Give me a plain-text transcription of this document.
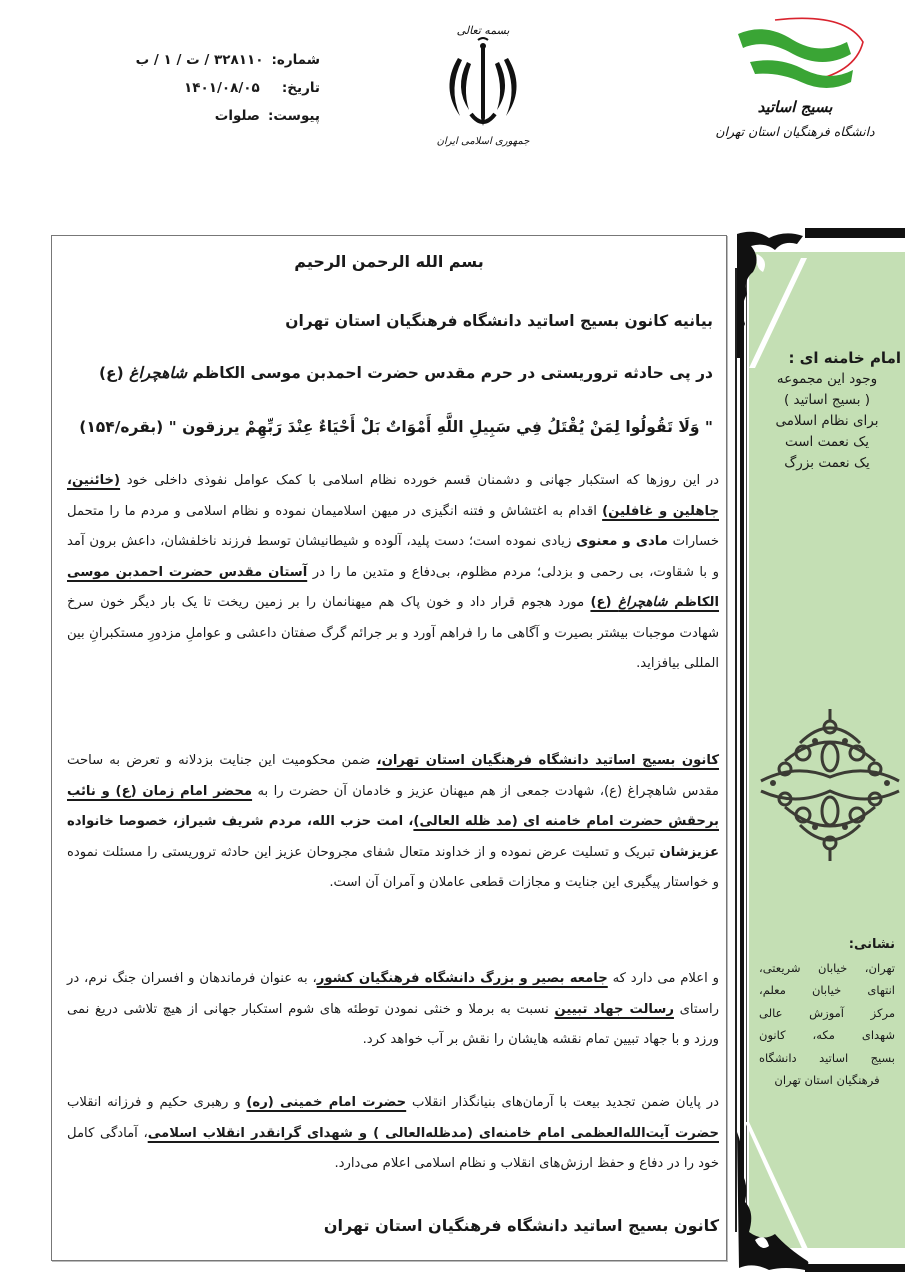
شماره:۳۲۸۱۱۰ / ت / ۱ / ب
تاریخ:   ۱۴۰۱/۰۸/۰۵
پیوست:صلوات
بسمه تعالی
جمهوری اسلامی ایران
بسیج اساتید
دانشگاه فرهنگیان استان تهران
بسم الله الرحمن الرحیم
بیانیه کانون بسیج اساتید دانشگاه فرهنگیان استان تهران
در پی حادثه تروریستی در حرم مقدس حضرت احمدبن موسی الکاظم شاهچراغ (ع)
" وَلَا تَقُولُوا لِمَنْ يُقْتَلُ فِي سَبِيلِ اللَّهِ أَمْوَاتٌ بَلْ أَحْيَاءٌ عِنْدَ رَبِّهِمْ يرزقون " (بقره/۱۵۴)
در این روزها که استکبار جهانی و دشمنان قسم خورده نظام اسلامی با کمک عوامل نفوذی داخلی خود (خائنین، جاهلین و غافلین) اقدام به اغتشاش و فتنه انگیزی در میهن اسلامیمان نموده و نظام اسلامی و مردم ما را متحمل خسارات مادی و معنوی زیادی نموده است؛ دست پلید، آلوده و شیطانیشان توسط فرزند ناخلفشان، داعش برون آمد و با شقاوت، بی رحمی و بزدلی؛ مردم مظلوم، بی‌دفاع و متدین ما را در آستان مقدس حضرت احمدبن موسی الکاظم شاهچراغ (ع) مورد هجوم قرار داد و خون پاک هم میهنانمان را بر زمین ریخت تا یک بار دیگر خون سرخ شهادت موجبات بیشتر بصیرت و آگاهی ما را فراهم آورد و بر جرائم گرگ صفتان داعشی و عواملِ مزدورِ مستکبرانِ بین المللی بیافزاید.
کانون بسیج اساتید دانشگاه فرهنگیان استان تهران، ضمن محکومیت این جنایت بزدلانه و تعرض به ساحت مقدس شاهچراغ (ع)، شهادت جمعی از هم میهنان عزیز و خادمان آن حضرت را به محضر امام زمان (ع) و نائب برحقش حضرت امام خامنه ای (مد ظله العالی)، امت حزب الله، مردم شریف شیراز، خصوصا خانواده عزیزشان تبریک و تسلیت عرض نموده و از خداوند متعال شفای مجروحان عزیز این حادثه تروریستی را مسئلت نموده و خواستار پیگیری این جنایت و مجازات قطعی عاملان و آمران آن است.
و اعلام می دارد که جامعه بصیر و بزرگ دانشگاه فرهنگیان کشور، به عنوان فرماندهان و افسران جنگ نرم، در راستای رسالت جهاد تبیین نسبت به برملا و خنثی نمودن توطئه های شوم استکبار جهانی از هیچ تلاشی دریغ نمی ورزد و با جهاد تبیین تمام نقشه هایشان را نقش بر آب خواهد کرد.
در پایان ضمن تجدید بیعت با آرمان‌های بنیانگذار انقلاب حضرت امام خمینی (ره) و رهبری حکیم و فرزانه انقلاب حضرت آیت‌الله‌العظمی امام خامنه‌ای (مدظله‌العالی ) و شهدای گرانقدر انقلاب اسلامی، آمادگی کامل خود را در دفاع و حفظ ارزش‌های انقلاب و نظام اسلامی اعلام می‌دارد.
کانون بسیج اساتید دانشگاه فرهنگیان استان تهران
امام خامنه ای :
وجود این مجموعه
( بسیج اساتید )
برای نظام اسلامی
یک نعمت است
یک نعمت بزرگ
نشانی:
تهران، خیابان شریعتی،
انتهای خیابان معلم،
مرکز آموزش عالی
شهدای مکه، کانون
بسیج اساتید دانشگاه
فرهنگیان استان تهران
